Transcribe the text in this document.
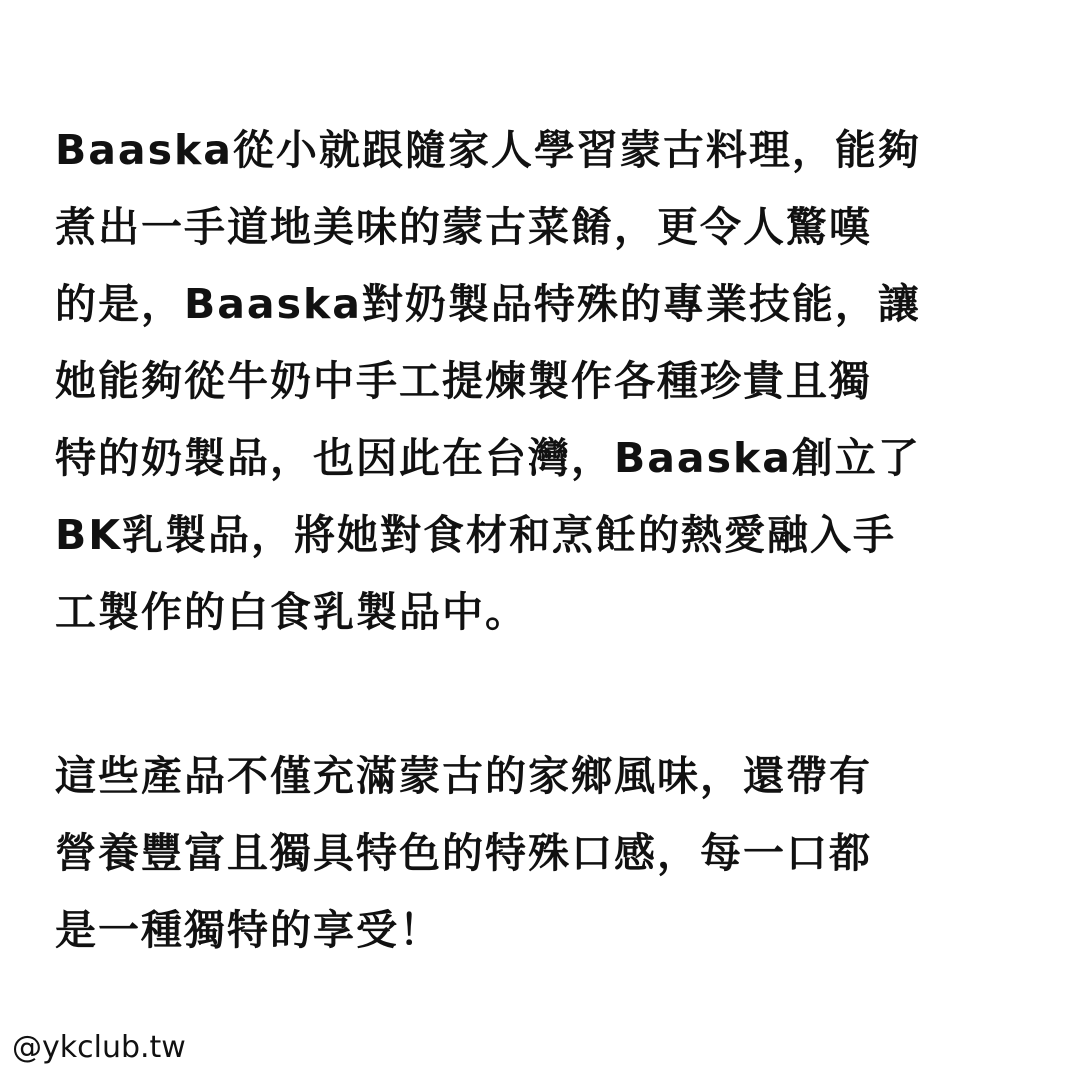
Baaska從小就跟隨家人學習蒙古料理，能夠
煮出一手道地美味的蒙古菜餚，更令人驚嘆
的是，Baaska對奶製品特殊的專業技能，讓
她能夠從牛奶中手工提煉製作各種珍貴且獨
特的奶製品，也因此在台灣，Baaska創立了
BK乳製品，將她對食材和烹飪的熱愛融入手
工製作的白食乳製品中。
這些產品不僅充滿蒙古的家鄉風味，還帶有
營養豐富且獨具特色的特殊口感，每一口都
是一種獨特的享受！
@ykclub.tw
